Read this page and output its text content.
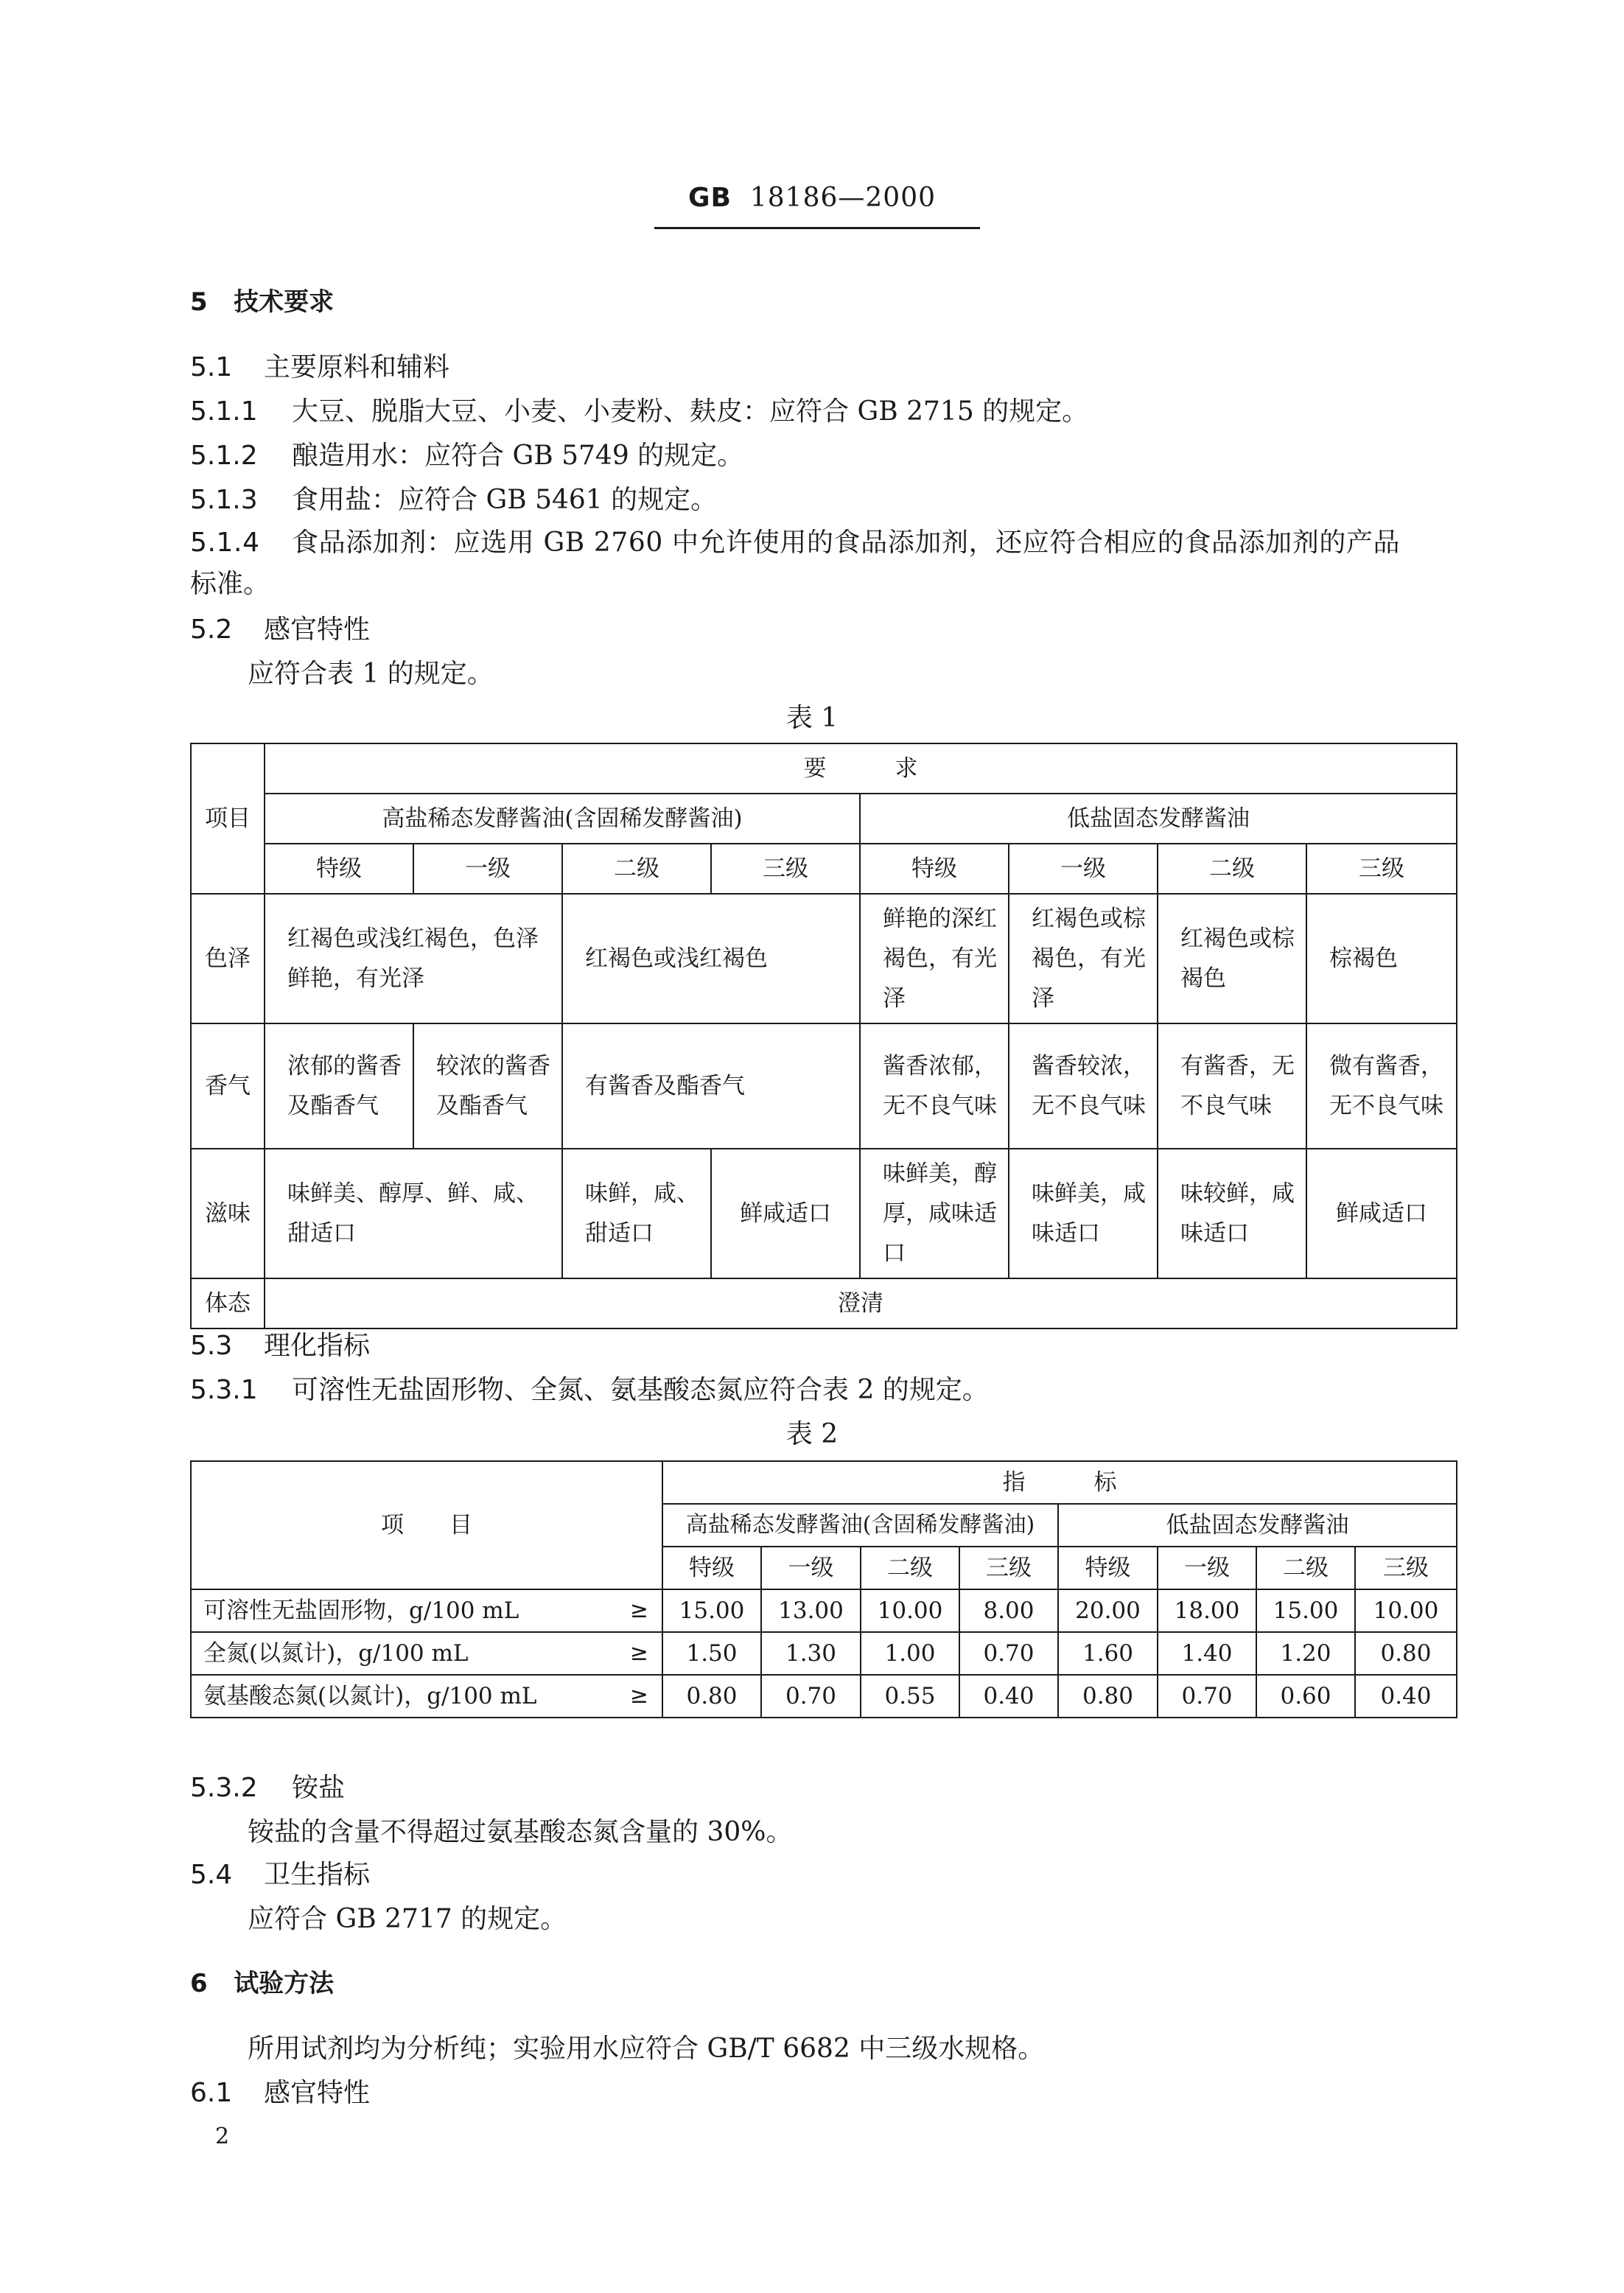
GB 18186—2000
5 技术要求
5.1 主要原料和辅料
5.1.1 大豆、脱脂大豆、小麦、小麦粉、麸皮：应符合 GB 2715 的规定。
5.1.2 酿造用水：应符合 GB 5749 的规定。
5.1.3 食用盐：应符合 GB 5461 的规定。
5.1.4 食品添加剂：应选用 GB 2760 中允许使用的食品添加剂，还应符合相应的食品添加剂的产品
标准。
5.2 感官特性
应符合表 1 的规定。
表 1
项目	要　　　求							
	高盐稀态发酵酱油(含固稀发酵酱油)				低盐固态发酵酱油			
	特级	一级	二级	三级	特级	一级	二级	三级
色泽	红褐色或浅红褐色，色泽鲜艳，有光泽		红褐色或浅红褐色		鲜艳的深红褐色，有光泽	红褐色或棕褐色，有光泽	红褐色或棕褐色	棕褐色
香气	浓郁的酱香及酯香气	较浓的酱香及酯香气	有酱香及酯香气		酱香浓郁，无不良气味	酱香较浓，无不良气味	有酱香，无不良气味	微有酱香，无不良气味
滋味	味鲜美、醇厚、鲜、咸、甜适口		味鲜，咸、甜适口	鲜咸适口	味鲜美，醇厚，咸味适口	味鲜美，咸味适口	味较鲜，咸味适口	鲜咸适口
体态	澄清							
5.3 理化指标
5.3.1 可溶性无盐固形物、全氮、氨基酸态氮应符合表 2 的规定。
表 2
项　　目	指　　　标							
	高盐稀态发酵酱油(含固稀发酵酱油)				低盐固态发酵酱油			
	特级	一级	二级	三级	特级	一级	二级	三级
可溶性无盐固形物，g/100 mL ≥	15.00	13.00	10.00	8.00	20.00	18.00	15.00	10.00
全氮(以氮计)，g/100 mL ≥	1.50	1.30	1.00	0.70	1.60	1.40	1.20	0.80
氨基酸态氮(以氮计)，g/100 mL ≥	0.80	0.70	0.55	0.40	0.80	0.70	0.60	0.40
5.3.2 铵盐
铵盐的含量不得超过氨基酸态氮含量的 30%。
5.4 卫生指标
应符合 GB 2717 的规定。
6 试验方法
所用试剂均为分析纯；实验用水应符合 GB/T 6682 中三级水规格。
6.1 感官特性
2
